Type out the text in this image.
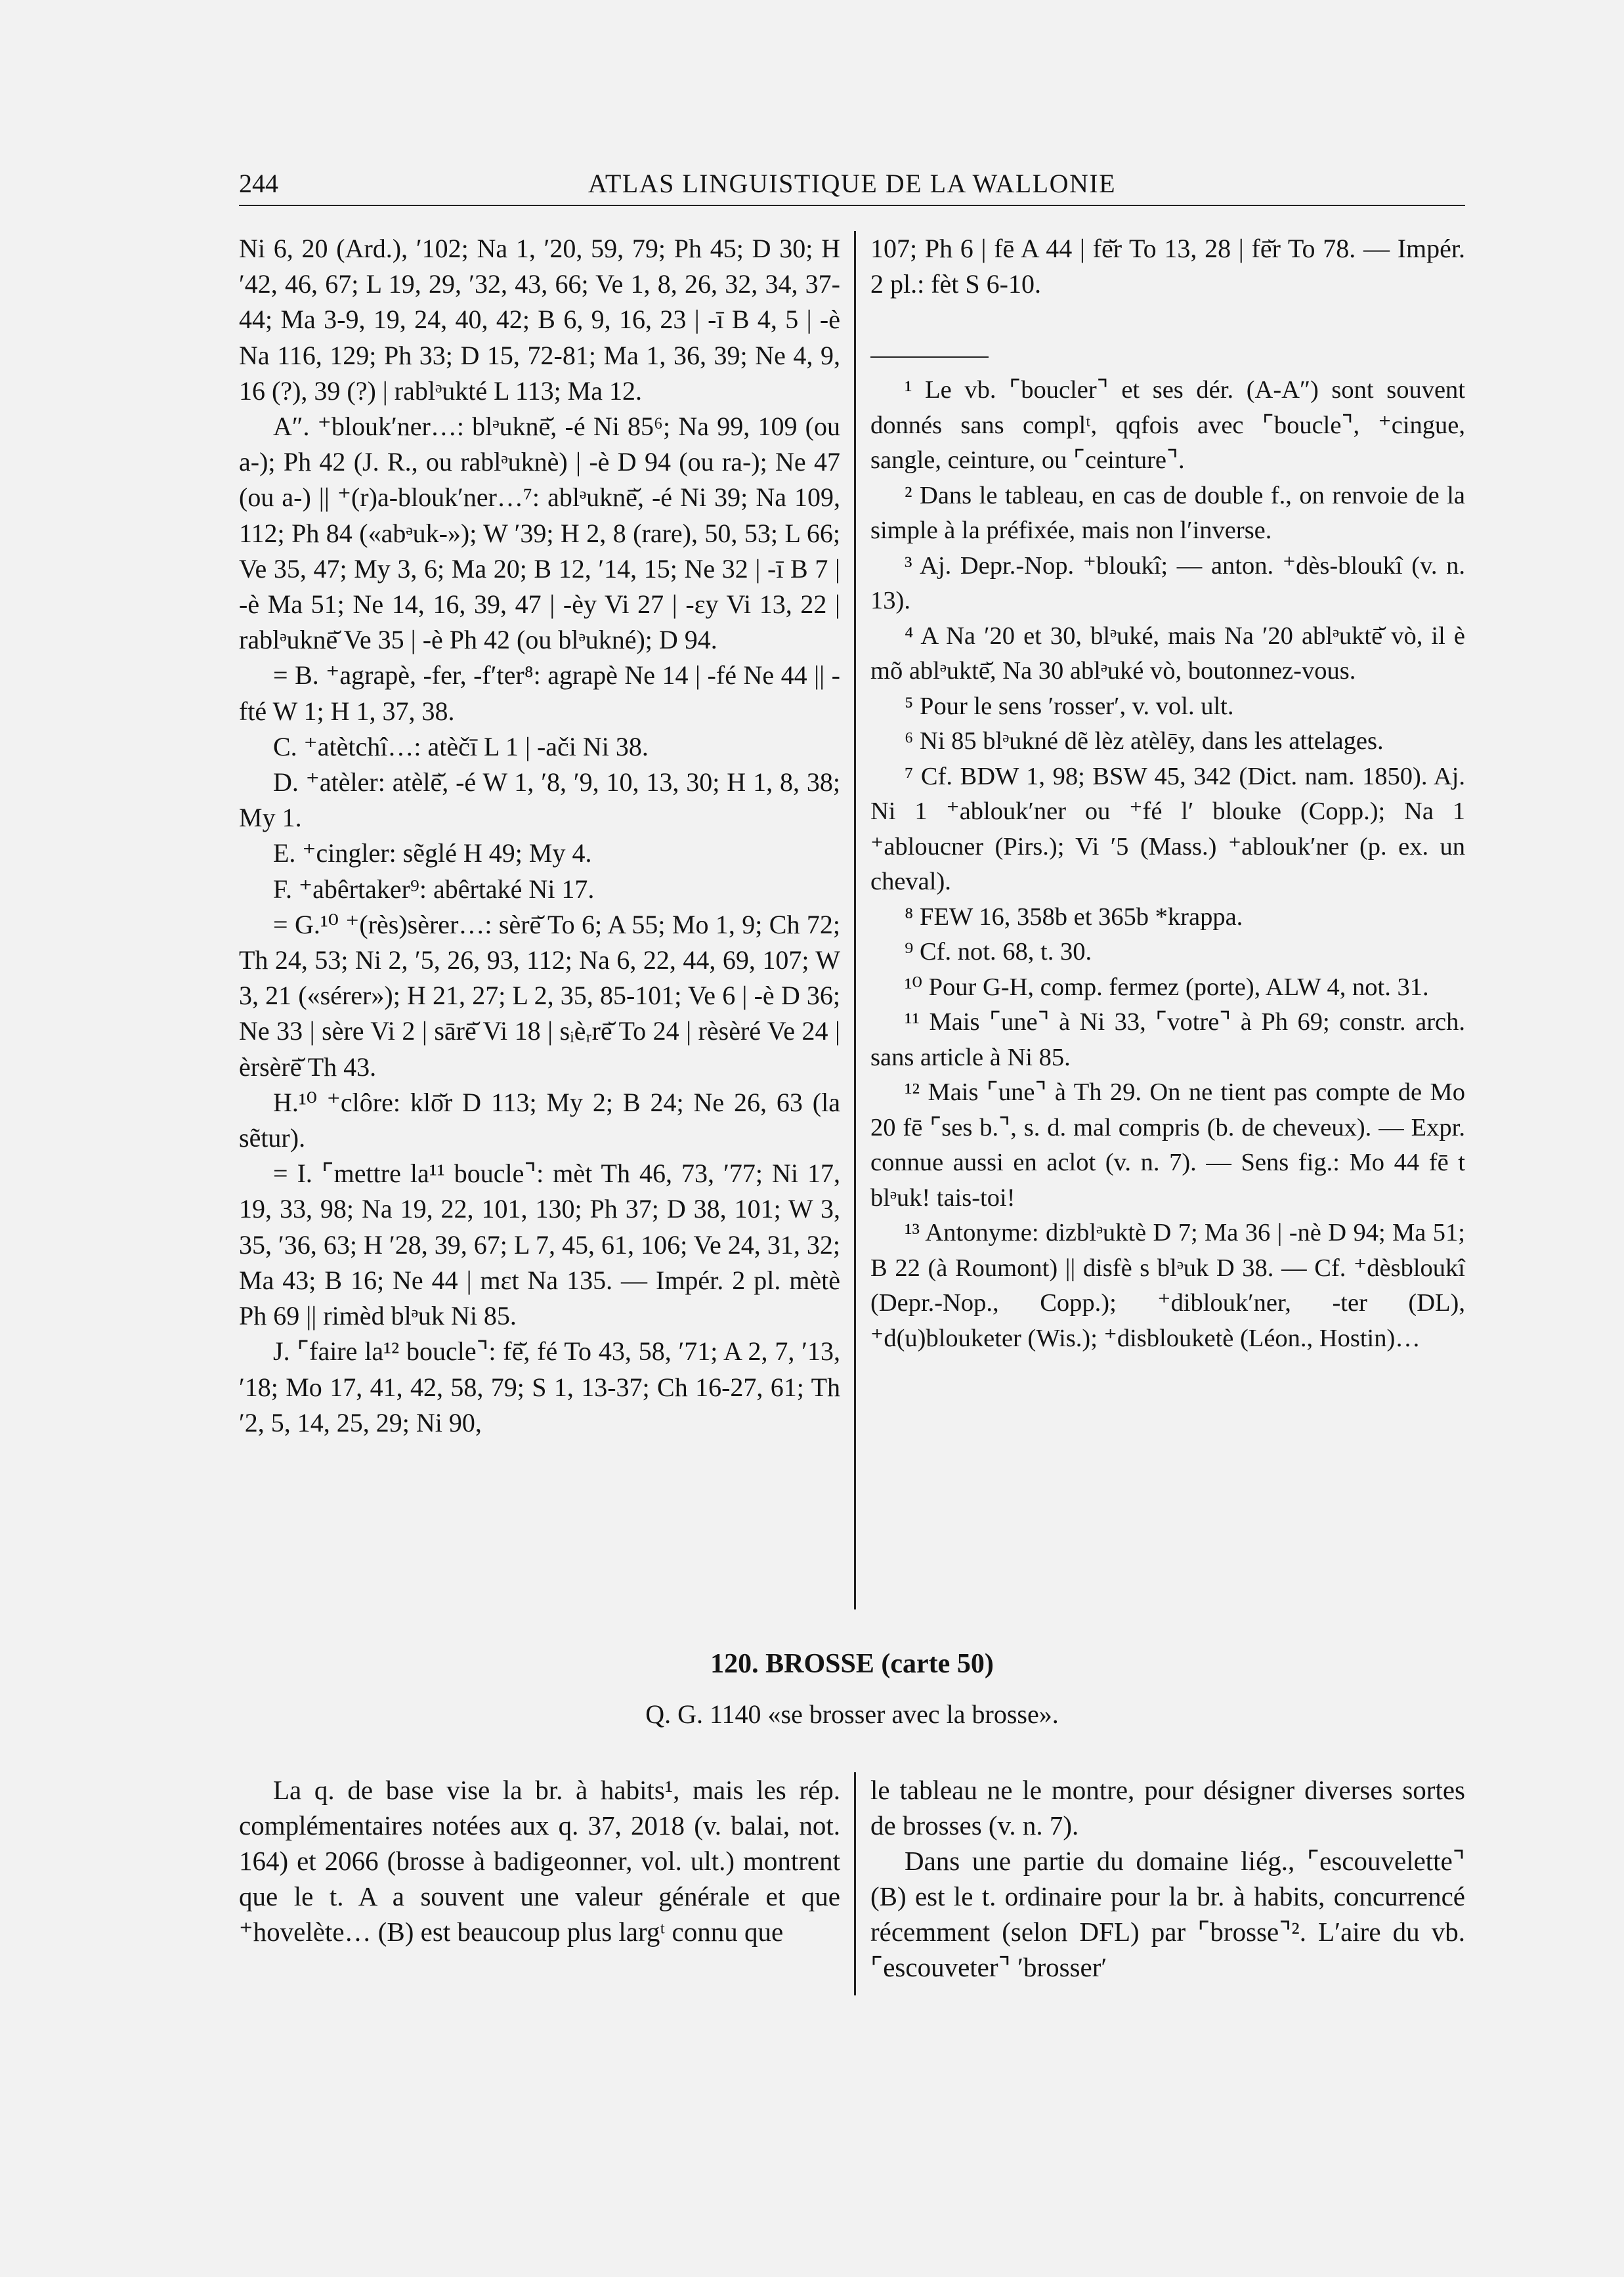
244	ATLAS LINGUISTIQUE DE LA WALLONIE

Ni 6, 20 (Ard.), ′102; Na 1, ′20, 59, 79; Ph 45; D 30; H ′42, 46, 67; L 19, 29, ′32, 43, 66; Ve 1, 8, 26, 32, 34, 37-44; Ma 3-9, 19, 24, 40, 42; B 6, 9, 16, 23 | -ī B 4, 5 | -è Na 116, 129; Ph 33; D 15, 72-81; Ma 1, 36, 39; Ne 4, 9, 16 (?), 39 (?) | rablᵊukté L 113; Ma 12.

A″. ⁺blouk′ner…: blᵊuknē̆, -é Ni 85⁶; Na 99, 109 (ou a-); Ph 42 (J. R., ou rablᵊuknè) | -è D 94 (ou ra-); Ne 47 (ou a-) || ⁺(r)a-blouk′ner…⁷: ablᵊuknē̆, -é Ni 39; Na 109, 112; Ph 84 («abᵊuk-»); W ′39; H 2, 8 (rare), 50, 53; L 66; Ve 35, 47; My 3, 6; Ma 20; B 12, ′14, 15; Ne 32 | -ī B 7 | -è Ma 51; Ne 14, 16, 39, 47 | -èy Vi 27 | -ɛy Vi 13, 22 | rablᵊuknē̆ Ve 35 | -è Ph 42 (ou blᵊukné); D 94.

= B. ⁺agrapè, -fer, -f′ter⁸: agrapè Ne 14 | -fé Ne 44 || -fté W 1; H 1, 37, 38.

C. ⁺atètchî…: atèčī L 1 | -ači Ni 38.

D. ⁺atèler: atèlē̆, -é W 1, ′8, ′9, 10, 13, 30; H 1, 8, 38; My 1.

E. ⁺cingler: sẽglé H 49; My 4.

F. ⁺abêrtaker⁹: abêrtaké Ni 17.

= G.¹⁰ ⁺(rès)sèrer…: sèrē̆ To 6; A 55; Mo 1, 9; Ch 72; Th 24, 53; Ni 2, ′5, 26, 93, 112; Na 6, 22, 44, 69, 107; W 3, 21 («sérer»); H 21, 27; L 2, 35, 85-101; Ve 6 | -è D 36; Ne 33 | sère Vi 2 | sārē̆ Vi 18 | sᵢèᵣrē̆ To 24 | rèsèré Ve 24 | èrsèrē̆ Th 43.

H.¹⁰ ⁺clôre: klō̆r D 113; My 2; B 24; Ne 26, 63 (la sẽtur).

= I. ⌜mettre la¹¹ boucle⌝: mèt Th 46, 73, ′77; Ni 17, 19, 33, 98; Na 19, 22, 101, 130; Ph 37; D 38, 101; W 3, 35, ′36, 63; H ′28, 39, 67; L 7, 45, 61, 106; Ve 24, 31, 32; Ma 43; B 16; Ne 44 | mɛt Na 135. — Impér. 2 pl. mètè Ph 69 || rimèd blᵊuk Ni 85.

J. ⌜faire la¹² boucle⌝: fē̆, fé To 43, 58, ′71; A 2, 7, ′13, ′18; Mo 17, 41, 42, 58, 79; S 1, 13-37; Ch 16-27, 61; Th ′2, 5, 14, 25, 29; Ni 90,

107; Ph 6 | fē A 44 | fē̆r To 13, 28 | fē̆r To 78. — Impér. 2 pl.: fèt S 6-10.

¹ Le vb. ⌜boucler⌝ et ses dér. (A-A″) sont souvent donnés sans complᵗ, qqfois avec ⌜boucle⌝, ⁺cingue, sangle, ceinture, ou ⌜ceinture⌝.

² Dans le tableau, en cas de double f., on renvoie de la simple à la préfixée, mais non l′inverse.

³ Aj. Depr.-Nop. ⁺bloukî; — anton. ⁺dès-bloukî (v. n. 13).

⁴ A Na ′20 et 30, blᵊuké, mais Na ′20 ablᵊuktē̆ vò, il è mõ ablᵊuktē̆, Na 30 ablᵊuké vò, boutonnez-vous.

⁵ Pour le sens ′rosser′, v. vol. ult.

⁶ Ni 85 blᵊukné dẽ lèz atèlēy, dans les attelages.

⁷ Cf. BDW 1, 98; BSW 45, 342 (Dict. nam. 1850). Aj. Ni 1 ⁺ablouk′ner ou ⁺fé l′ blouke (Copp.); Na 1 ⁺abloucner (Pirs.); Vi ′5 (Mass.) ⁺ablouk′ner (p. ex. un cheval).

⁸ FEW 16, 358b et 365b *krappa.

⁹ Cf. not. 68, t. 30.

¹⁰ Pour G-H, comp. fermez (porte), ALW 4, not. 31.

¹¹ Mais ⌜une⌝ à Ni 33, ⌜votre⌝ à Ph 69; constr. arch. sans article à Ni 85.

¹² Mais ⌜une⌝ à Th 29. On ne tient pas compte de Mo 20 fē ⌜ses b.⌝, s. d. mal compris (b. de cheveux). — Expr. connue aussi en aclot (v. n. 7). — Sens fig.: Mo 44 fē t blᵊuk! tais-toi!

¹³ Antonyme: dizblᵊuktè D 7; Ma 36 | -nè D 94; Ma 51; B 22 (à Roumont) || disfè s blᵊuk D 38. — Cf. ⁺dèsbloukî (Depr.-Nop., Copp.); ⁺diblouk′ner, -ter (DL), ⁺d(u)blouketer (Wis.); ⁺disblouketè (Léon., Hostin)…

120. BROSSE (carte 50)
Q. G. 1140 «se brosser avec la brosse».

La q. de base vise la br. à habits¹, mais les rép. complémentaires notées aux q. 37, 2018 (v. balai, not. 164) et 2066 (brosse à badigeonner, vol. ult.) montrent que le t. A a souvent une valeur générale et que ⁺hovelète… (B) est beaucoup plus largᵗ connu que

le tableau ne le montre, pour désigner diverses sortes de brosses (v. n. 7).

Dans une partie du domaine liég., ⌜escouvelette⌝ (B) est le t. ordinaire pour la br. à habits, concurrencé récemment (selon DFL) par ⌜brosse⌝². L′aire du vb. ⌜escouveter⌝ ′brosser′
